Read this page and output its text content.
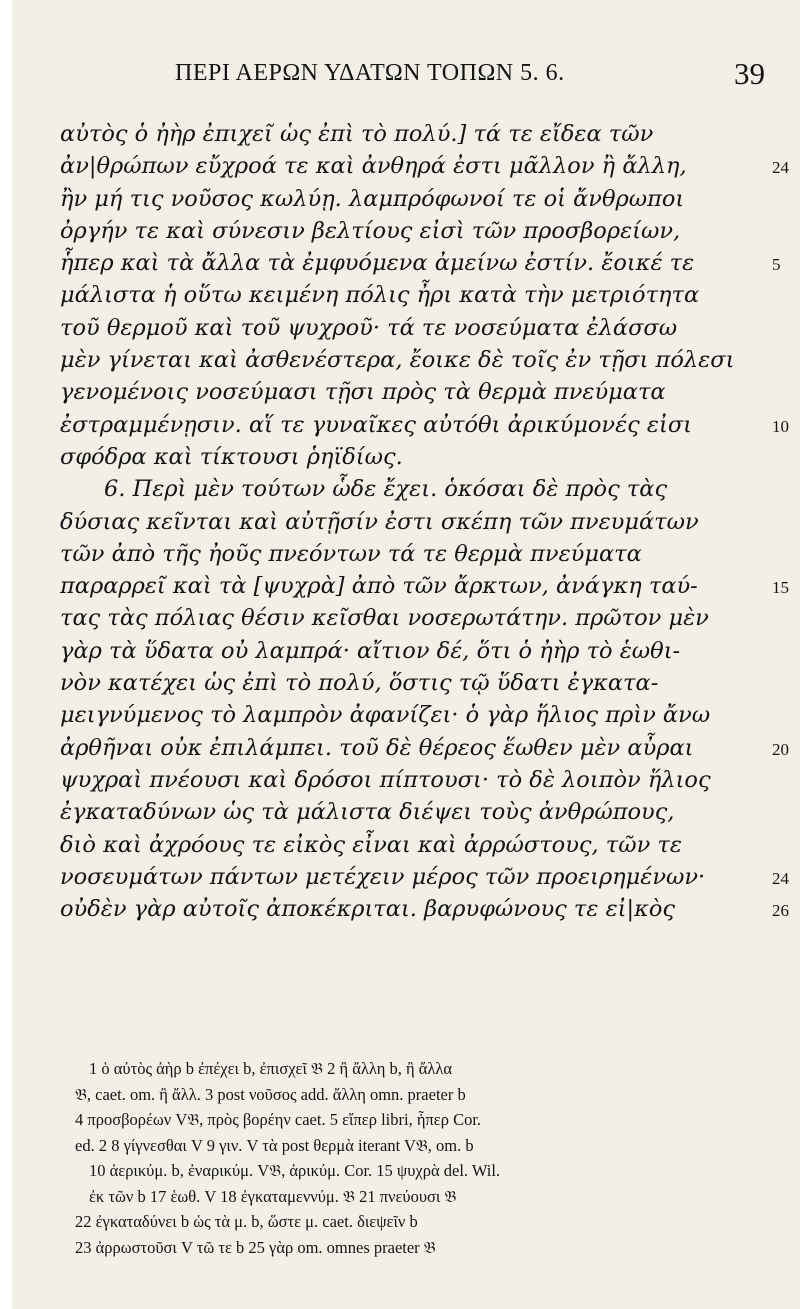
ΠΕΡΙ ΑΕΡΩΝ ΥΔΑΤΩΝ ΤΟΠΩΝ 5. 6.	39
αὐτὸς ὁ ἠὴρ ἐπιχεῖ ὡς ἐπὶ τὸ πολύ.] τά τε εἴδεα τῶν
ἀν|θρώπων εὔχροά τε καὶ ἀνθηρά ἐστι μᾶλλον ἢ ἄλλη,	24
ἢν μή τις νοῦσος κωλύῃ. λαμπρόφωνοί τε οἱ ἄνθρωποι
ὀργήν τε καὶ σύνεσιν βελτίους εἰσὶ τῶν προσβορείων,
ἧπερ καὶ τὰ ἄλλα τὰ ἐμφυόμενα ἀμείνω ἐστίν. ἔοικέ τε	5
μάλιστα ἡ οὕτω κειμένη πόλις ἦρι κατὰ τὴν μετριότητα
τοῦ θερμοῦ καὶ τοῦ ψυχροῦ· τά τε νοσεύματα ἐλάσσω
μὲν γίνεται καὶ ἀσθενέστερα, ἔοικε δὲ τοῖς ἐν τῇσι πόλεσι
γενομένοις νοσεύμασι τῇσι πρὸς τὰ θερμὰ πνεύματα
ἐστραμμένῃσιν. αἵ τε γυναῖκες αὐτόθι ἀρικύμονές εἰσι	10
σφόδρα καὶ τίκτουσι ῥηϊδίως.
6. Περὶ μὲν τούτων ὧδε ἔχει. ὁκόσαι δὲ πρὸς τὰς
δύσιας κεῖνται καὶ αὐτῇσίν ἐστι σκέπη τῶν πνευμάτων
τῶν ἀπὸ τῆς ἠοῦς πνεόντων τά τε θερμὰ πνεύματα
παραρρεῖ καὶ τὰ [ψυχρὰ] ἀπὸ τῶν ἄρκτων, ἀνάγκη ταύ-	15
τας τὰς πόλιας θέσιν κεῖσθαι νοσερωτάτην. πρῶτον μὲν
γὰρ τὰ ὕδατα οὐ λαμπρά· αἴτιον δέ, ὅτι ὁ ἠὴρ τὸ ἑωθι-
νὸν κατέχει ὡς ἐπὶ τὸ πολύ, ὅστις τῷ ὕδατι ἐγκατα-
μειγνύμενος τὸ λαμπρὸν ἀφανίζει· ὁ γὰρ ἥλιος πρὶν ἄνω
ἀρθῆναι οὐκ ἐπιλάμπει. τοῦ δὲ θέρεος ἕωθεν μὲν αὖραι	20
ψυχραὶ πνέουσι καὶ δρόσοι πίπτουσι· τὸ δὲ λοιπὸν ἥλιος
ἐγκαταδύνων ὡς τὰ μάλιστα διέψει τοὺς ἀνθρώπους,
διὸ καὶ ἀχρόους τε εἰκὸς εἶναι καὶ ἀρρώστους, τῶν τε
νοσευμάτων πάντων μετέχειν μέρος τῶν προειρημένων·	24
οὐδὲν γὰρ αὐτοῖς ἀποκέκριται. βαρυφώνους τε εἰ|κὸς	26
1 ὁ αὐτὸς ἀὴρ b ἐπέχει b, ἐπισχεῖ 𝔅 2 ἢ ἄλλη b, ἢ ἄλλα
𝔅, caet. om. ἢ ἄλλ. 3 post νοῦσος add. ἄλλη omn. praeter b
4 προσβορέων V𝔅, πρὸς βορέην caet. 5 εἴπερ libri, ἧπερ Cor.
ed. 2 8 γίγνεσθαι V 9 γιν. V τὰ post θερμὰ iterant V𝔅, om. b
10 ἀερικύμ. b, ἐναρικύμ. V𝔅, ἀρικύμ. Cor. 15 ψυχρὰ del. Wil.
ἐκ τῶν b 17 ἑωθ. V 18 ἐγκαταμεννύμ. 𝔅 21 πνεύουσι 𝔅
22 ἐγκαταδύνει b ὡς τὰ μ. b, ὥστε μ. caet. διεψεῖν b
23 ἀρρωστοῦσι V τῶ τε b 25 γὰρ om. omnes praeter 𝔅
